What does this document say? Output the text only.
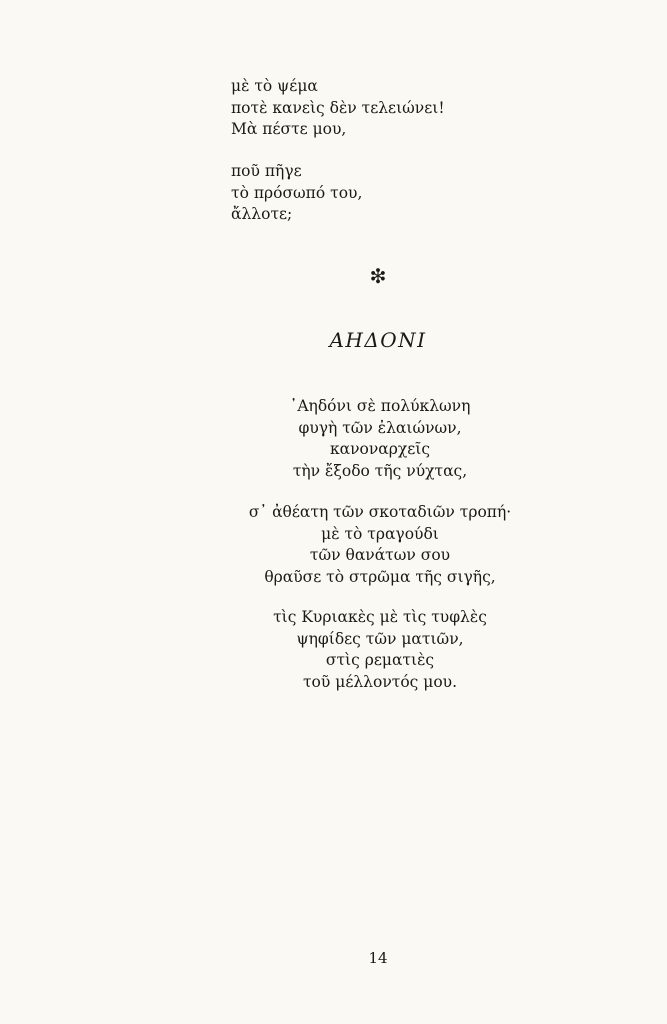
μὲ τὸ ψέμα
ποτὲ κανεὶς δὲν τελειώνει!
Μὰ πέστε μου,
ποῦ πῆγε
τὸ πρόσωπό του,
ἄλλοτε;
❇
ΑΗΔΟΝΙ
᾿Αηδόνι σὲ πολύκλωνη
φυγὴ τῶν ἐλαιώνων,
κανοναρχεῖς
τὴν ἔξοδο τῆς νύχτας,
σ᾿ ἀθέατη τῶν σκοταδιῶν τροπή·
μὲ τὸ τραγούδι
τῶν θανάτων σου
θραῦσε τὸ στρῶμα τῆς σιγῆς,
τὶς Κυριακὲς μὲ τὶς τυφλὲς
ψηφίδες τῶν ματιῶν,
στὶς ρεματιὲς
τοῦ μέλλοντός μου.
14
